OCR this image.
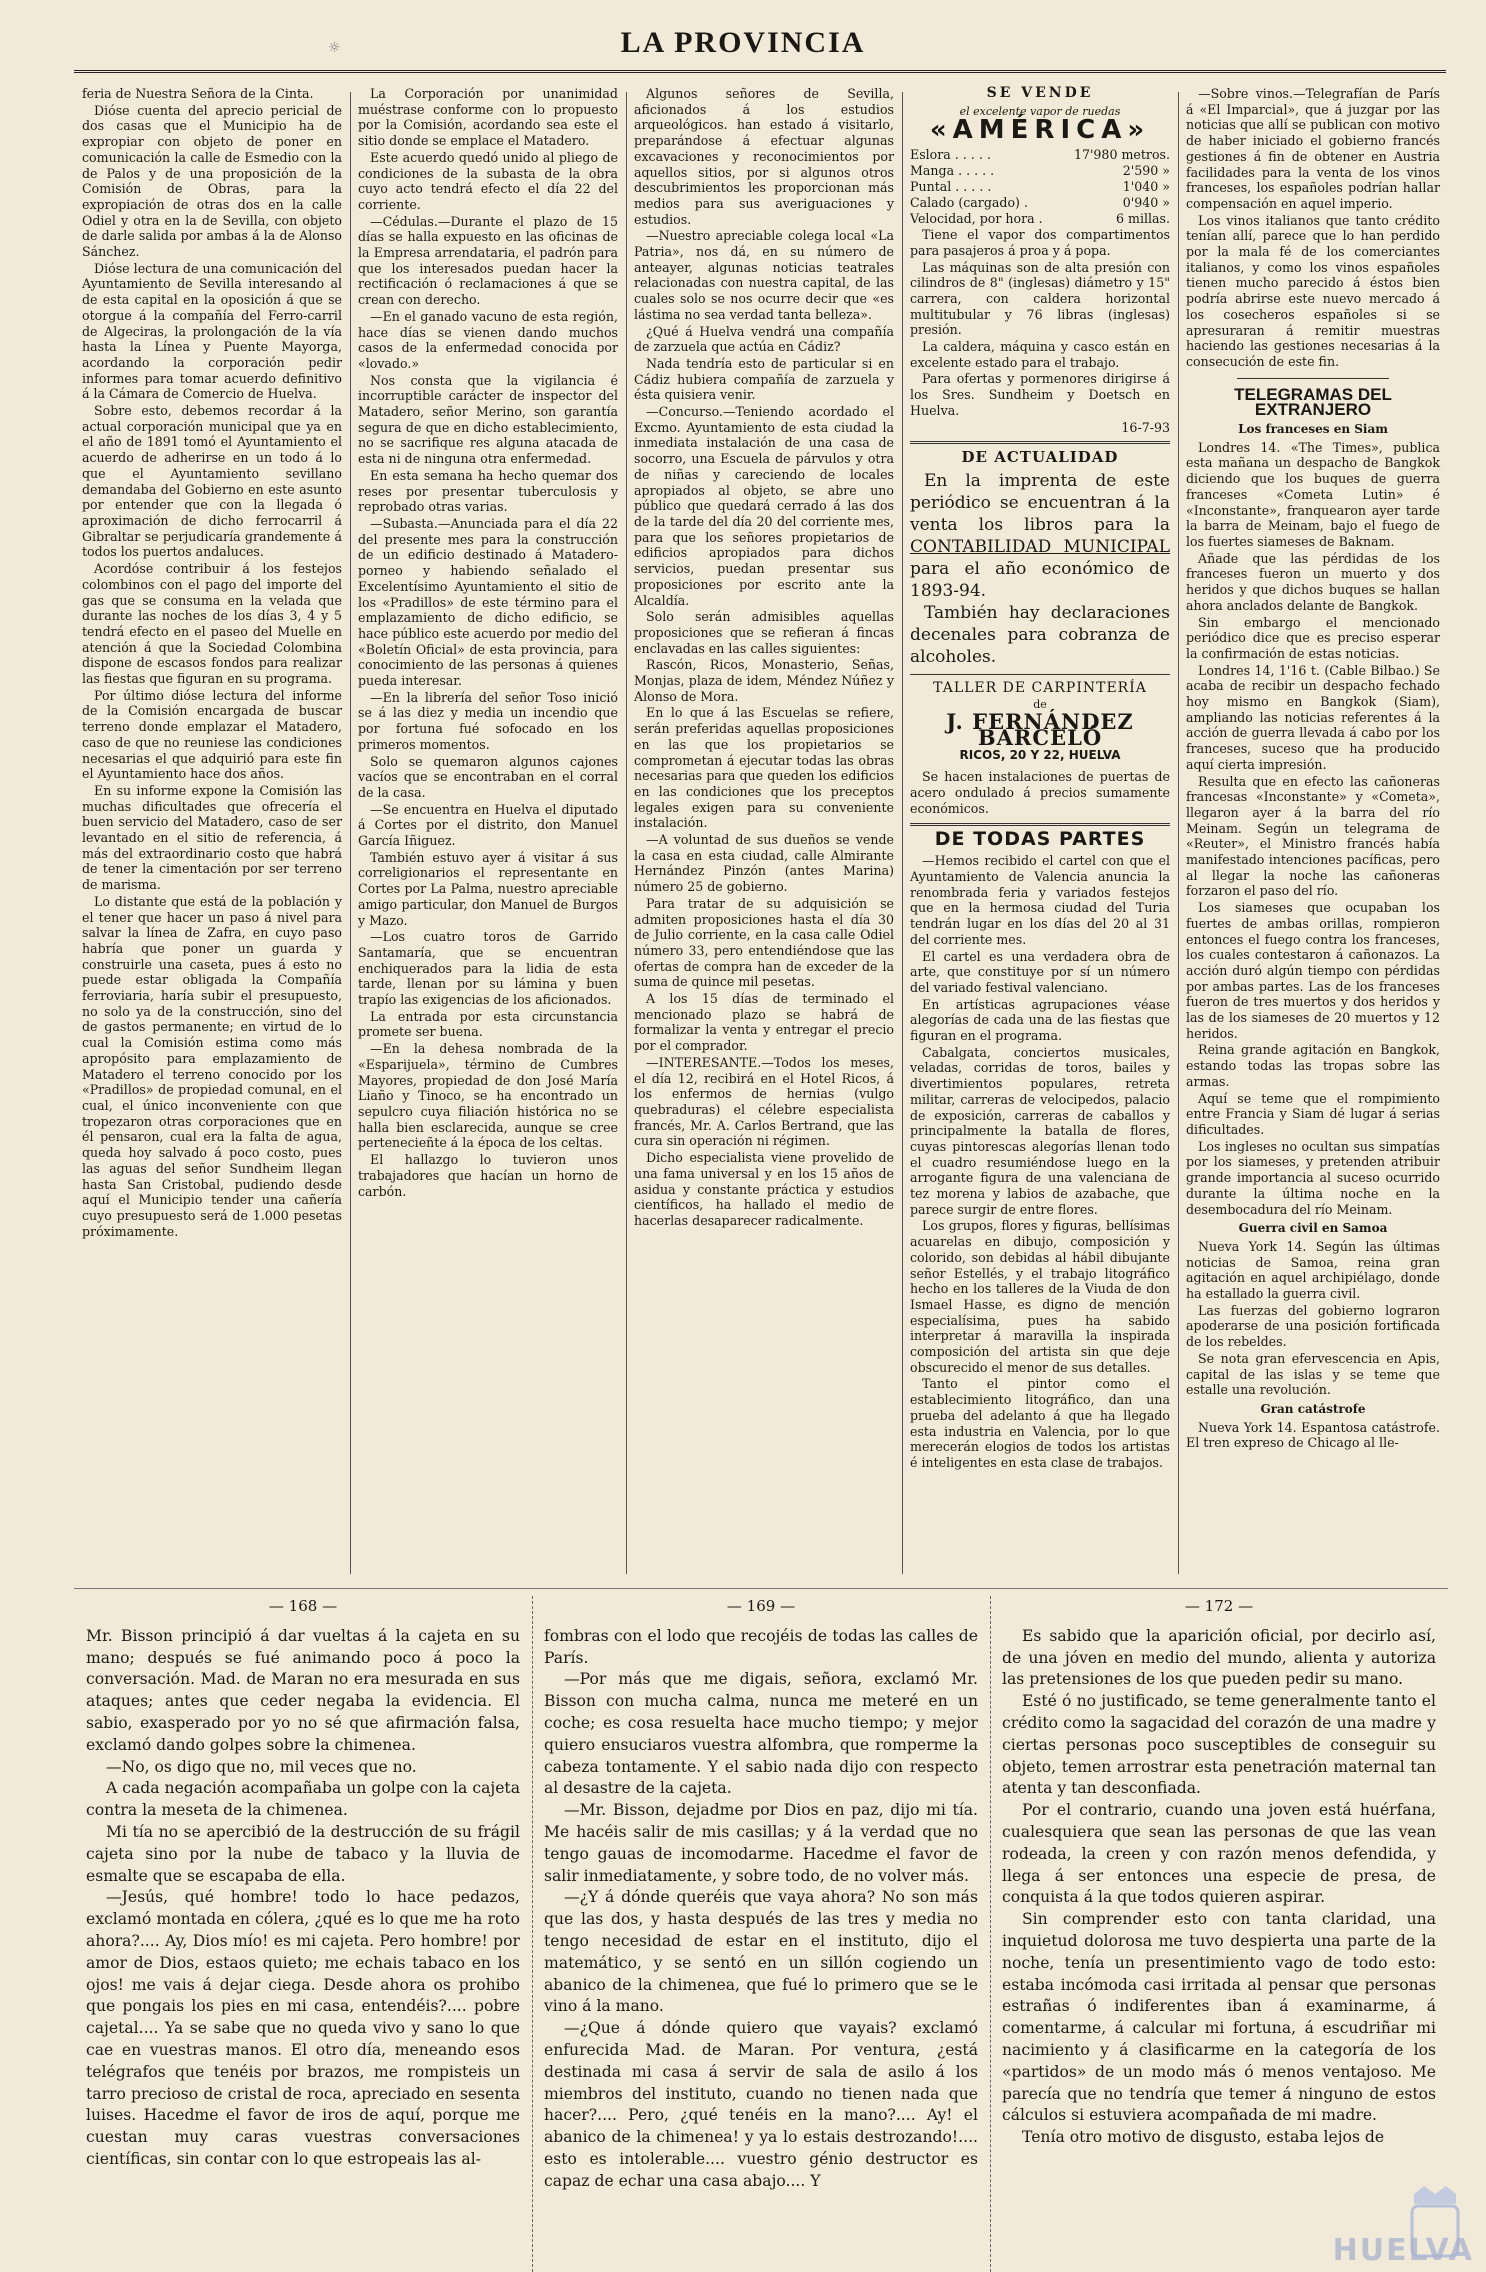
☼	LA PROVINCIA

feria de Nuestra Señora de la Cinta.

Dióse cuenta del aprecio pericial de dos casas que el Municipio ha de expropiar con objeto de poner en comunicación la calle de Esmedio con la de Palos y de una proposición de la Comisión de Obras, para la expropiación de otras dos en la calle Odiel y otra en la de Sevilla, con objeto de darle salida por ambas á la de Alonso Sánchez.

Dióse lectura de una comunicación del Ayuntamiento de Sevilla interesando al de esta capital en la oposición á que se otorgue á la compañía del Ferro-carril de Algeciras, la prolongación de la vía hasta la Línea y Puente Mayorga, acordando la corporación pedir informes para tomar acuerdo definitivo á la Cámara de Comercio de Huelva.

Sobre esto, debemos recordar á la actual corporación municipal que ya en el año de 1891 tomó el Ayuntamiento el acuerdo de adherirse en un todo á lo que el Ayuntamiento sevillano demandaba del Gobierno en este asunto por entender que con la llegada ó aproximación de dicho ferrocarril á Gibraltar se perjudicaría grandemente á todos los puertos andaluces.

Acordóse contribuir á los festejos colombinos con el pago del importe del gas que se consuma en la velada que durante las noches de los días 3, 4 y 5 tendrá efecto en el paseo del Muelle en atención á que la Sociedad Colombina dispone de escasos fondos para realizar las fiestas que figuran en su programa.

Por último dióse lectura del informe de la Comisión encargada de buscar terreno donde emplazar el Matadero, caso de que no reuniese las condiciones necesarias el que adquirió para este fin el Ayuntamiento hace dos años.

En su informe expone la Comisión las muchas dificultades que ofrecería el buen servicio del Matadero, caso de ser levantado en el sitio de referencia, á más del extraordinario costo que habrá de tener la cimentación por ser terreno de marisma.

Lo distante que está de la población y el tener que hacer un paso á nivel para salvar la línea de Zafra, en cuyo paso habría que poner un guarda y construirle una caseta, pues á esto no puede estar obligada la Compañía ferroviaria, haría subir el presupuesto, no solo ya de la construcción, sino del de gastos permanente; en virtud de lo cual la Comisión estima como más apropósito para emplazamiento de Matadero el terreno conocido por los «Pradillos» de propiedad comunal, en el cual, el único inconveniente con que tropezaron otras corporaciones que en él pensaron, cual era la falta de agua, queda hoy salvado á poco costo, pues las aguas del señor Sundheim llegan hasta San Cristobal, pudiendo desde aquí el Municipio tender una cañería cuyo presupuesto será de 1.000 pesetas próximamente.

La Corporación por unanimidad muéstrase conforme con lo propuesto por la Comisión, acordando sea este el sitio donde se emplace el Matadero.

Este acuerdo quedó unido al pliego de condiciones de la subasta de la obra cuyo acto tendrá efecto el día 22 del corriente.

—Cédulas.—Durante el plazo de 15 días se halla expuesto en las oficinas de la Empresa arrendataria, el padrón para que los interesados puedan hacer la rectificación ó reclamaciones á que se crean con derecho.

—En el ganado vacuno de esta región, hace días se vienen dando muchos casos de la enfermedad conocida por «lovado.»

Nos consta que la vigilancia é incorruptible carácter de inspector del Matadero, señor Merino, son garantía segura de que en dicho establecimiento, no se sacrifique res alguna atacada de esta ni de ninguna otra enfermedad.

En esta semana ha hecho quemar dos reses por presentar tuberculosis y reprobado otras varias.

—Subasta.—Anunciada para el día 22 del presente mes para la construcción de un edificio destinado á Matadero-porneo y habiendo señalado el Excelentísimo Ayuntamiento el sitio de los «Pradillos» de este término para el emplazamiento de dicho edificio, se hace público este acuerdo por medio del «Boletín Oficial» de esta provincia, para conocimiento de las personas á quienes pueda interesar.

—En la librería del señor Toso inició se á las diez y media un incendio que por fortuna fué sofocado en los primeros momentos.

Solo se quemaron algunos cajones vacíos que se encontraban en el corral de la casa.

—Se encuentra en Huelva el diputado á Cortes por el distrito, don Manuel García Iñiguez.

También estuvo ayer á visitar á sus correligionarios el representante en Cortes por La Palma, nuestro apreciable amigo particular, don Manuel de Burgos y Mazo.

—Los cuatro toros de Garrido Santamaría, que se encuentran enchiquerados para la lidia de esta tarde, llenan por su lámina y buen trapío las exigencias de los aficionados.

La entrada por esta circunstancia promete ser buena.

—En la dehesa nombrada de la «Esparijuela», término de Cumbres Mayores, propiedad de don José María Liaño y Tinoco, se ha encontrado un sepulcro cuya filiación histórica no se halla bien esclarecida, aunque se cree pertenecieñte á la época de los celtas.

El hallazgo lo tuvieron unos trabajadores que hacían un horno de carbón.

Algunos señores de Sevilla, aficionados á los estudios arqueológicos. han estado á visitarlo, preparándose á efectuar algunas excavaciones y reconocimientos por aquellos sitios, por si algunos otros descubrimientos les proporcionan más medios para sus averiguaciones y estudios.

—Nuestro apreciable colega local «La Patria», nos dá, en su número de anteayer, algunas noticias teatrales relacionadas con nuestra capital, de las cuales solo se nos ocurre decir que «es lástima no sea verdad tanta belleza».

¿Qué á Huelva vendrá una compañía de zarzuela que actúa en Cádiz?

Nada tendría esto de particular si en Cádiz hubiera compañía de zarzuela y ésta quisiera venir.

—Concurso.—Teniendo acordado el Excmo. Ayuntamiento de esta ciudad la inmediata instalación de una casa de socorro, una Escuela de párvulos y otra de niñas y careciendo de locales apropiados al objeto, se abre uno público que quedará cerrado á las dos de la tarde del día 20 del corriente mes, para que los señores propietarios de edificios apropiados para dichos servicios, puedan presentar sus proposiciones por escrito ante la Alcaldía.

Solo serán admisibles aquellas proposiciones que se refieran á fincas enclavadas en las calles siguientes:

Rascón, Ricos, Monasterio, Señas, Monjas, plaza de idem, Méndez Núñez y Alonso de Mora.

En lo que á las Escuelas se refiere, serán preferidas aquellas proposiciones en las que los propietarios se comprometan á ejecutar todas las obras necesarias para que queden los edificios en las condiciones que los preceptos legales exigen para su conveniente instalación.

—A voluntad de sus dueños se vende la casa en esta ciudad, calle Almirante Hernández Pinzón (antes Marina) número 25 de gobierno.

Para tratar de su adquisición se admiten proposiciones hasta el día 30 de Julio corriente, en la casa calle Odiel número 33, pero entendiéndose que las ofertas de compra han de exceder de la suma de quince mil pesetas.

A los 15 días de terminado el mencionado plazo se habrá de formalizar la venta y entregar el precio por el comprador.

—INTERESANTE.—Todos los meses, el día 12, recibirá en el Hotel Ricos, á los enfermos de hernias (vulgo quebraduras) el célebre especialista francés, Mr. A. Carlos Bertrand, que las cura sin operación ni régimen.

Dicho especialista viene provelido de una fama universal y en los 15 años de asidua y constante práctica y estudios científicos, ha hallado el medio de hacerlas desaparecer radicalmente.

SE VENDE
el excelente vapor de ruedas
«AMÉRICA»
Eslora . . . . .	17'980 metros.
Manga . . . . .	2'590 »
Puntal . . . . .	1'040 »
Calado (cargado) .	0'940 »
Velocidad, por hora .	6 millas.

Tiene el vapor dos compartimentos para pasajeros á proa y á popa.

Las máquinas son de alta presión con cilindros de 8" (inglesas) diámetro y 15" carrera, con caldera horizontal multitubular y 76 libras (inglesas) presión.

La caldera, máquina y casco están en excelente estado para el trabajo.

Para ofertas y pormenores dirigirse á los Sres. Sundheim y Doetsch en Huelva.

16-7-93
DE ACTUALIDAD

En la imprenta de este periódico se encuentran á la venta los libros para la CONTABILIDAD MUNICIPAL para el año económico de 1893-94.

También hay declaraciones decenales para cobranza de alcoholes.

TALLER DE CARPINTERÍA
de
J. FERNÁNDEZ BARCELÓ
RICOS, 20 Y 22, HUELVA

Se hacen instalaciones de puertas de acero ondulado á precios sumamente económicos.

DE TODAS PARTES

—Hemos recibido el cartel con que el Ayuntamiento de Valencia anuncia la renombrada feria y variados festejos que en la hermosa ciudad del Turia tendrán lugar en los días del 20 al 31 del corriente mes.

El cartel es una verdadera obra de arte, que constituye por sí un número del variado festival valenciano.

En artísticas agrupaciones véase alegorías de cada una de las fiestas que figuran en el programa.

Cabalgata, conciertos musicales, veladas, corridas de toros, bailes y divertimientos populares, retreta militar, carreras de velocipedos, palacio de exposición, carreras de caballos y principalmente la batalla de flores, cuyas pintorescas alegorías llenan todo el cuadro resumiéndose luego en la arrogante figura de una valenciana de tez morena y labios de azabache, que parece surgir de entre flores.

Los grupos, flores y figuras, bellísimas acuarelas en dibujo, composición y colorido, son debidas al hábil dibujante señor Estellés, y el trabajo litográfico hecho en los talleres de la Viuda de don Ismael Hasse, es digno de mención especialísima, pues ha sabido interpretar á maravilla la inspirada composición del artista sin que deje obscurecido el menor de sus detalles.

Tanto el pintor como el establecimiento litográfico, dan una prueba del adelanto á que ha llegado esta industria en Valencia, por lo que merecerán elogios de todos los artistas é inteligentes en esta clase de trabajos.

—Sobre vinos.—Telegrafían de París á «El Imparcial», que á juzgar por las noticias que allí se publican con motivo de haber iniciado el gobierno francés gestiones á fin de obtener en Austria facilidades para la venta de los vinos franceses, los españoles podrían hallar compensación en aquel imperio.

Los vinos italianos que tanto crédito tenían allí, parece que lo han perdido por la mala fé de los comerciantes italianos, y como los vinos españoles tienen mucho parecido á éstos bien podría abrirse este nuevo mercado á los cosecheros españoles si se apresuraran á remitir muestras haciendo las gestiones necesarias á la consecución de este fin.

TELEGRAMAS DEL EXTRANJERO
Los franceses en Siam

Londres 14. «The Times», publica esta mañana un despacho de Bangkok diciendo que los buques de guerra franceses «Cometa Lutin» é «Inconstante», franquearon ayer tarde la barra de Meinam, bajo el fuego de los fuertes siameses de Baknam.

Añade que las pérdidas de los franceses fueron un muerto y dos heridos y que dichos buques se hallan ahora anclados delante de Bangkok.

Sin embargo el mencionado periódico dice que es preciso esperar la confirmación de estas noticias.

Londres 14, 1'16 t. (Cable Bilbao.) Se acaba de recibir un despacho fechado hoy mismo en Bangkok (Siam), ampliando las noticias referentes á la acción de guerra llevada á cabo por los franceses, suceso que ha producido aquí cierta impresión.

Resulta que en efecto las cañoneras francesas «Inconstante» y «Cometa», llegaron ayer á la barra del río Meinam. Según un telegrama de «Reuter», el Ministro francés había manifestado intenciones pacíficas, pero al llegar la noche las cañoneras forzaron el paso del río.

Los siameses que ocupaban los fuertes de ambas orillas, rompieron entonces el fuego contra los franceses, los cuales contestaron á cañonazos. La acción duró algún tiempo con pérdidas por ambas partes. Las de los franceses fueron de tres muertos y dos heridos y las de los siameses de 20 muertos y 12 heridos.

Reina grande agitación en Bangkok, estando todas las tropas sobre las armas.

Aquí se teme que el rompimiento entre Francia y Siam dé lugar á serias dificultades.

Los ingleses no ocultan sus simpatías por los siameses, y pretenden atribuir grande importancia al suceso ocurrido durante la última noche en la desembocadura del río Meinam.

Guerra civil en Samoa

Nueva York 14. Según las últimas noticias de Samoa, reina gran agitación en aquel archipiélago, donde ha estallado la guerra civil.

Las fuerzas del gobierno lograron apoderarse de una posición fortificada de los rebeldes.

Se nota gran efervescencia en Apis, capital de las islas y se teme que estalle una revolución.

Gran catástrofe

Nueva York 14. Espantosa catástrofe. El tren expreso de Chicago al lle-

— 168 —

Mr. Bisson principió á dar vueltas á la cajeta en su mano; después se fué animando poco á poco la conversación. Mad. de Maran no era mesurada en sus ataques; antes que ceder negaba la evidencia. El sabio, exasperado por yo no sé que afirmación falsa, exclamó dando golpes sobre la chimenea.

—No, os digo que no, mil veces que no.

A cada negación acompañaba un golpe con la cajeta contra la meseta de la chimenea.

Mi tía no se apercibió de la destrucción de su frágil cajeta sino por la nube de tabaco y la lluvia de esmalte que se escapaba de ella.

—Jesús, qué hombre! todo lo hace pedazos, exclamó montada en cólera, ¿qué es lo que me ha roto ahora?.... Ay, Dios mío! es mi cajeta. Pero hombre! por amor de Dios, estaos quieto; me echais tabaco en los ojos! me vais á dejar ciega. Desde ahora os prohibo que pongais los pies en mi casa, entendéis?.... pobre cajetal.... Ya se sabe que no queda vivo y sano lo que cae en vuestras manos. El otro día, meneando esos telégrafos que tenéis por brazos, me rompisteis un tarro precioso de cristal de roca, apreciado en sesenta luises. Hacedme el favor de iros de aquí, porque me cuestan muy caras vuestras conversaciones científicas, sin contar con lo que estropeais las al-

— 169 —

fombras con el lodo que recojéis de todas las calles de París.

—Por más que me digais, señora, exclamó Mr. Bisson con mucha calma, nunca me meteré en un coche; es cosa resuelta hace mucho tiempo; y mejor quiero ensuciaros vuestra alfombra, que romperme la cabeza tontamente. Y el sabio nada dijo con respecto al desastre de la cajeta.

—Mr. Bisson, dejadme por Dios en paz, dijo mi tía. Me hacéis salir de mis casillas; y á la verdad que no tengo gauas de incomodarme. Hacedme el favor de salir inmediatamente, y sobre todo, de no volver más.

—¿Y á dónde queréis que vaya ahora? No son más que las dos, y hasta después de las tres y media no tengo necesidad de estar en el instituto, dijo el matemático, y se sentó en un sillón cogiendo un abanico de la chimenea, que fué lo primero que se le vino á la mano.

—¿Que á dónde quiero que vayais? exclamó enfurecida Mad. de Maran. Por ventura, ¿está destinada mi casa á servir de sala de asilo á los miembros del instituto, cuando no tienen nada que hacer?.... Pero, ¿qué tenéis en la mano?.... Ay! el abanico de la chimenea! y ya lo estais destrozando!.... esto es intolerable.... vuestro génio destructor es capaz de echar una casa abajo.... Y

— 172 —

Es sabido que la aparición oficial, por decirlo así, de una jóven en medio del mundo, alienta y autoriza las pretensiones de los que pueden pedir su mano.

Esté ó no justificado, se teme generalmente tanto el crédito como la sagacidad del corazón de una madre y ciertas personas poco susceptibles de conseguir su objeto, temen arrostrar esta penetración maternal tan atenta y tan desconfiada.

Por el contrario, cuando una joven está huérfana, cualesquiera que sean las personas de que las vean rodeada, la creen y con razón menos defendida, y llega á ser entonces una especie de presa, de conquista á la que todos quieren aspirar.

Sin comprender esto con tanta claridad, una inquietud dolorosa me tuvo despierta una parte de la noche, tenía un presentimiento vago de todo esto: estaba incómoda casi irritada al pensar que personas estrañas ó indiferentes iban á examinarme, á comentarme, á calcular mi fortuna, á escudriñar mi nacimiento y á clasificarme en la categoría de los «partidos» de un modo más ó menos ventajoso. Me parecía que no tendría que temer á ninguno de estos cálculos si estuviera acompañada de mi madre.

Tenía otro motivo de disgusto, estaba lejos de

HUELVA
